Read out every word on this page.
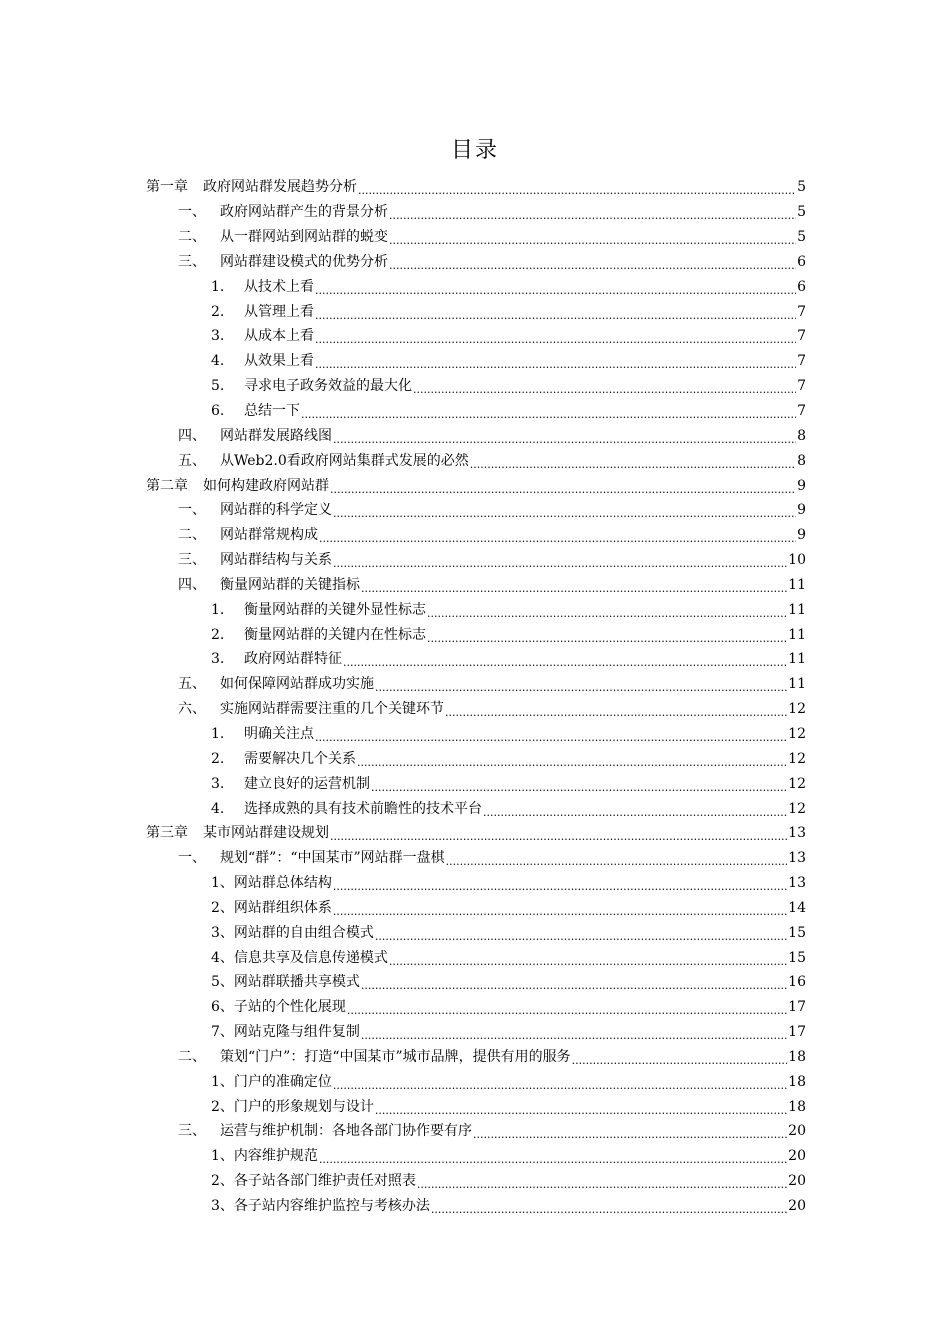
目录
第一章	政府网站群发展趋势分析 .....	5
一、	政府网站群产生的背景分析 .....	5
二、	从一群网站到网站群的蜕变 .....	5
三、	网站群建设模式的优势分析 .....	6
1.	从技术上看 .....	6
2.	从管理上看 .....	7
3.	从成本上看 .....	7
4.	从效果上看 .....	7
5.	寻求电子政务效益的最大化 .....	7
6.	总结一下 .....	7
四、	网站群发展路线图 .....	8
五、	从Web2.0看政府网站集群式发展的必然 .....	8
第二章	如何构建政府网站群 .....	9
一、	网站群的科学定义 .....	9
二、	网站群常规构成 .....	9
三、	网站群结构与关系 .....	10
四、	衡量网站群的关键指标 .....	11
1.	衡量网站群的关键外显性标志 .....	11
2.	衡量网站群的关键内在性标志 .....	11
3.	政府网站群特征 .....	11
五、	如何保障网站群成功实施 .....	11
六、	实施网站群需要注重的几个关键环节 .....	12
1.	明确关注点 .....	12
2.	需要解决几个关系 .....	12
3.	建立良好的运营机制 .....	12
4.	选择成熟的具有技术前瞻性的技术平台 .....	12
第三章	某市网站群建设规划 .....	13
一、	规划“群”：“中国某市”网站群一盘棋 .....	13
1、 网站群总体结构 .....	13
2、 网站群组织体系 .....	14
3、 网站群的自由组合模式 .....	15
4、 信息共享及信息传递模式 .....	15
5、 网站群联播共享模式 .....	16
6、 子站的个性化展现 .....	17
7、 网站克隆与组件复制 .....	17
二、	策划“门户”：打造“中国某市”城市品牌，提供有用的服务 .....	18
1、 门户的准确定位 .....	18
2、 门户的形象规划与设计 .....	18
三、	运营与维护机制：各地各部门协作要有序 .....	20
1、 内容维护规范 .....	20
2、 各子站各部门维护责任对照表 .....	20
3、 各子站内容维护监控与考核办法 .....	20
